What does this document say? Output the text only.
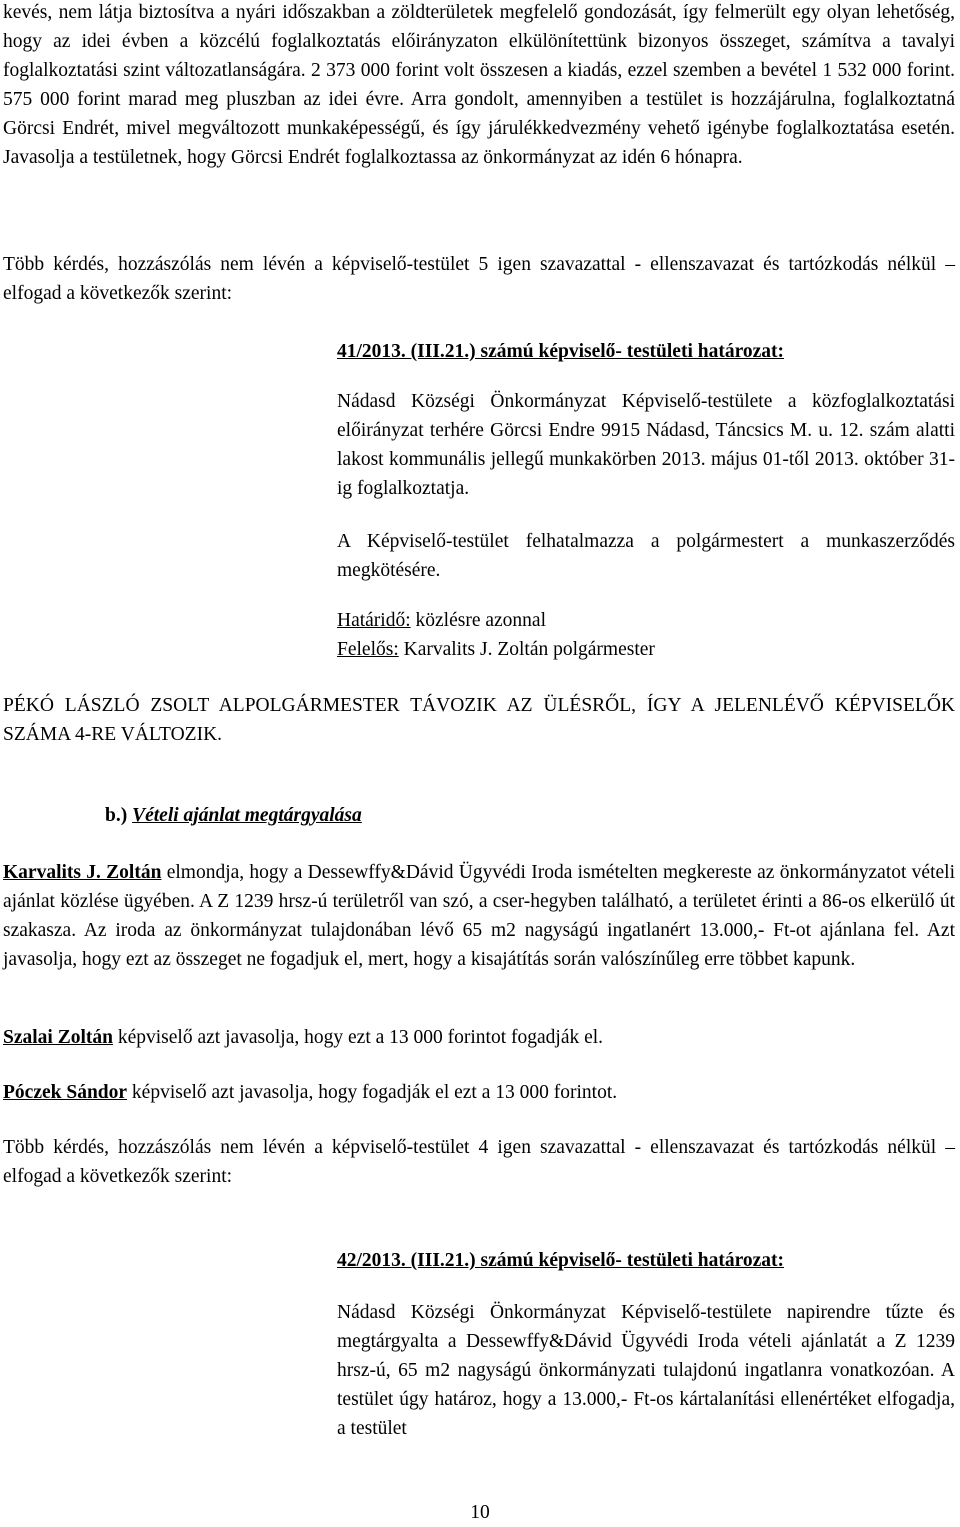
kevés, nem látja biztosítva a nyári időszakban a zöldterületek megfelelő gondozását, így felmerült egy olyan lehetőség, hogy az idei évben a közcélú foglalkoztatás előirányzaton elkülönítettünk bizonyos összeget, számítva a tavalyi foglalkoztatási szint változatlanságára. 2 373 000 forint volt összesen a kiadás, ezzel szemben a bevétel 1 532 000 forint. 575 000 forint marad meg pluszban az idei évre. Arra gondolt, amennyiben a testület is hozzájárulna, foglalkoztatná Görcsi Endrét, mivel megváltozott munkaképességű, és így járulékkedvezmény vehető igénybe foglalkoztatása esetén. Javasolja a testületnek, hogy Görcsi Endrét foglalkoztassa az önkormányzat az idén 6 hónapra.

Több kérdés, hozzászólás nem lévén a képviselő-testület 5 igen szavazattal - ellenszavazat és tartózkodás nélkül – elfogad a következők szerint:

41/2013. (III.21.) számú képviselő- testületi határozat:

Nádasd Községi Önkormányzat Képviselő-testülete a közfoglalkoztatási előirányzat terhére Görcsi Endre 9915 Nádasd, Táncsics M. u. 12. szám alatti lakost kommunális jellegű munkakörben 2013. május 01-től 2013. október 31-ig foglalkoztatja.

A Képviselő-testület felhatalmazza a polgármestert a munkaszerződés megkötésére.

Határidő: közlésre azonnal

Felelős: Karvalits J. Zoltán polgármester

PÉKÓ LÁSZLÓ ZSOLT ALPOLGÁRMESTER TÁVOZIK AZ ÜLÉSRŐL, ÍGY A JELENLÉVŐ KÉPVISELŐK SZÁMA 4-RE VÁLTOZIK.

b.) Vételi ajánlat megtárgyalása

Karvalits J. Zoltán elmondja, hogy a Dessewffy&Dávid Ügyvédi Iroda ismételten megkereste az önkormányzatot vételi ajánlat közlése ügyében. A Z 1239 hrsz-ú területről van szó, a cser-hegyben található, a területet érinti a 86-os elkerülő út szakasza. Az iroda az önkormányzat tulajdonában lévő 65 m2 nagyságú ingatlanért 13.000,- Ft-ot ajánlana fel. Azt javasolja, hogy ezt az összeget ne fogadjuk el, mert, hogy a kisajátítás során valószínűleg erre többet kapunk.

Szalai Zoltán képviselő azt javasolja, hogy ezt a 13 000 forintot fogadják el.

Póczek Sándor képviselő azt javasolja, hogy fogadják el ezt a 13 000 forintot.

Több kérdés, hozzászólás nem lévén a képviselő-testület 4 igen szavazattal - ellenszavazat és tartózkodás nélkül – elfogad a következők szerint:

42/2013. (III.21.) számú képviselő- testületi határozat:

Nádasd Községi Önkormányzat Képviselő-testülete napirendre tűzte és megtárgyalta a Dessewffy&Dávid Ügyvédi Iroda vételi ajánlatát a Z 1239 hrsz-ú, 65 m2 nagyságú önkormányzati tulajdonú ingatlanra vonatkozóan. A testület úgy határoz, hogy a 13.000,- Ft-os kártalanítási ellenértéket elfogadja, a testület

10
